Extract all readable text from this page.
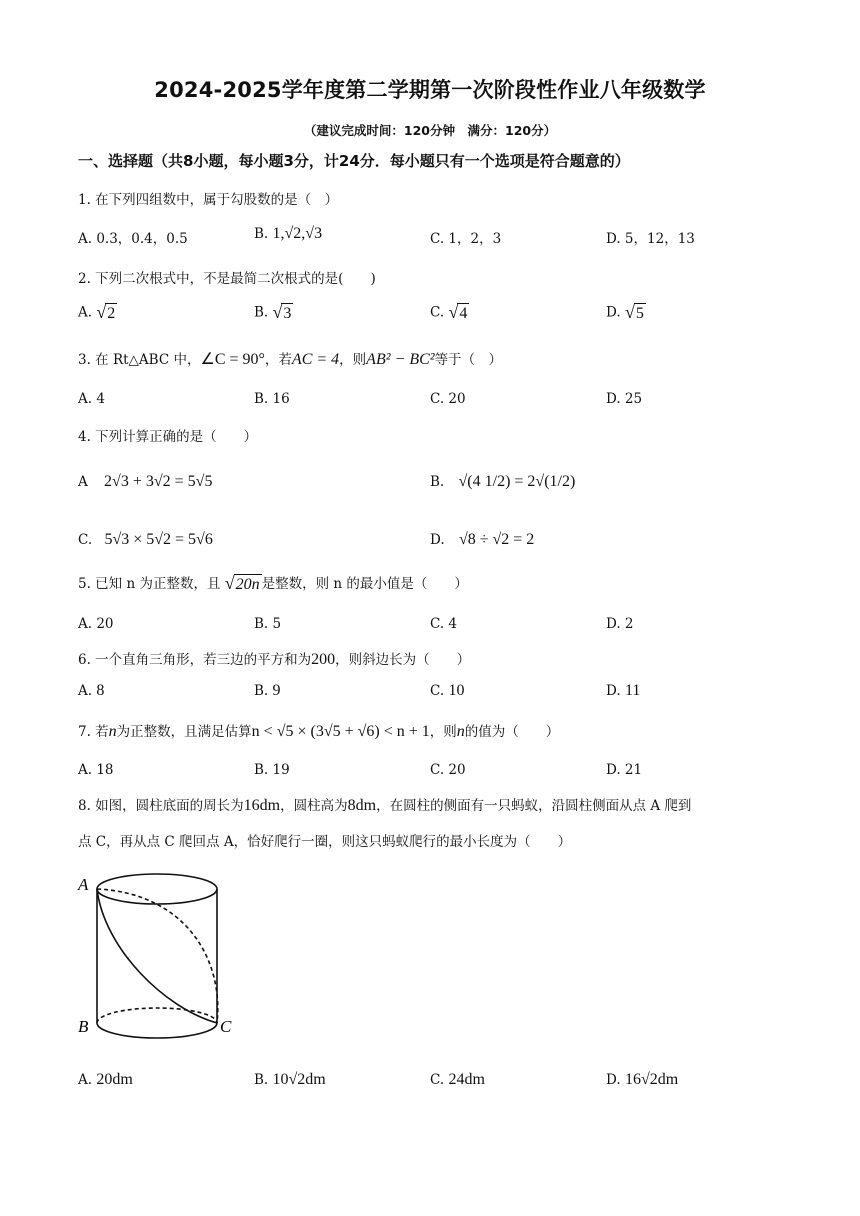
2024-2025学年度第二学期第一次阶段性作业八年级数学
（建议完成时间：120分钟　满分：120分）
一、选择题（共8小题，每小题3分，计24分．每小题只有一个选项是符合题意的）
1. 在下列四组数中，属于勾股数的是（　）
A. 0.3，0.4，0.5	B. 1,√2,√3	C. 1，2，3	D. 5，12，13
2. 下列二次根式中，不是最简二次根式的是(　　)
A. √ 2	B. √ 3	C. √ 4	D. √ 5
3. 在 Rt△ABC 中，∠C = 90°，若AC = 4，则AB² − BC²等于（　）
A. 4	B. 16	C. 20	D. 25
4. 下列计算正确的是（　　）
A 2√3 + 3√2 = 5√5	B. √(4 1/2) = 2√(1/2)
C. 5√3 × 5√2 = 5√6	D. √8 ÷ √2 = 2
5. 已知 n 为正整数，且 √ 20n 是整数，则 n 的最小值是（　　）
A. 20	B. 5	C. 4	D. 2
6. 一个直角三角形，若三边的平方和为200，则斜边长为（　　）
A. 8	B. 9	C. 10	D. 11
7. 若n为正整数，且满足估算n < √5 × (3√5 + √6) < n + 1，则n的值为（　　）
A. 18	B. 19	C. 20	D. 21
8. 如图，圆柱底面的周长为16dm，圆柱高为8dm，在圆柱的侧面有一只蚂蚁，沿圆柱侧面从点 A 爬到
点 C，再从点 C 爬回点 A，恰好爬行一圈，则这只蚂蚁爬行的最小长度为（　　）
A
B	C
A. 20dm	B. 10√2dm	C. 24dm	D. 16√2dm
